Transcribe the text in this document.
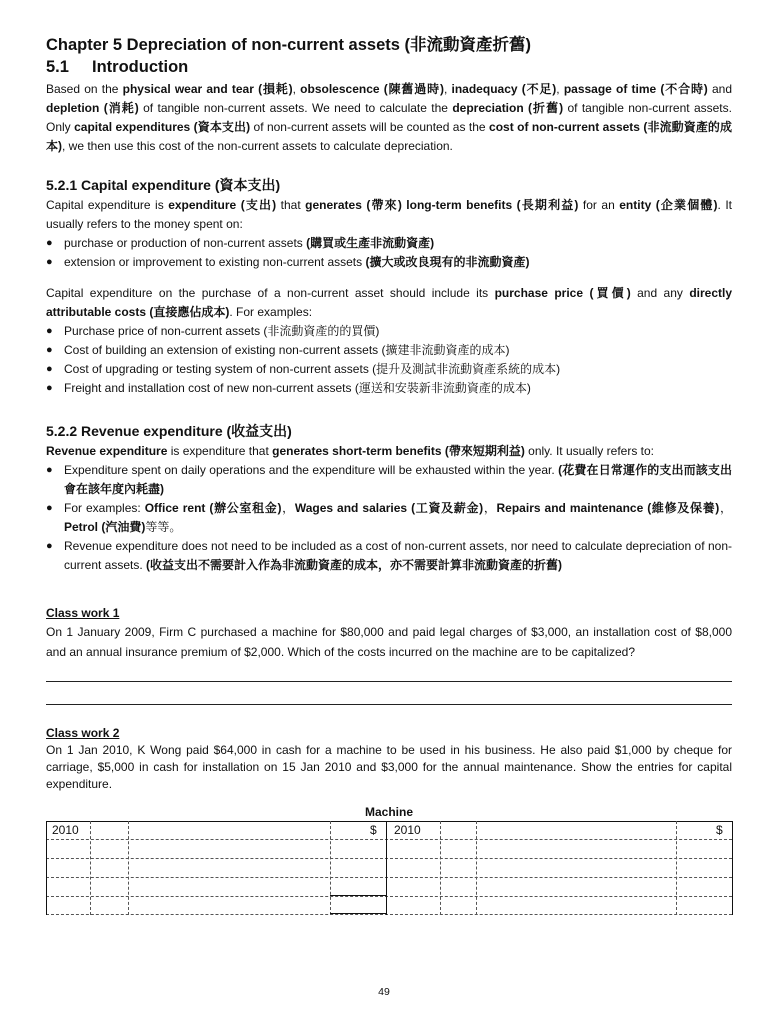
Chapter 5 Depreciation of non-current assets (非流動資產折舊)
5.1 Introduction

Based on the physical wear and tear (損耗), obsolescence (陳舊過時), inadequacy (不足), passage of time (不合時) and depletion (消耗) of tangible non-current assets. We need to calculate the depreciation (折舊) of tangible non-current assets. Only capital expenditures (資本支出) of non-current assets will be counted as the cost of non-current assets (非流動資產的成本), we then use this cost of the non-current assets to calculate depreciation.

5.2.1 Capital expenditure (資本支出)

Capital expenditure is expenditure (支出) that generates (帶來) long-term benefits (長期利益) for an entity (企業個體). It usually refers to the money spent on:

● purchase or production of non-current assets (購買或生產非流動資產)
● extension or improvement to existing non-current assets (擴大或改良現有的非流動資產)

Capital expenditure on the purchase of a non-current asset should include its purchase price (買價) and any directly attributable costs (直接應佔成本). For examples:

● Purchase price of non-current assets (非流動資產的的買價)
● Cost of building an extension of existing non-current assets (擴建非流動資產的成本)
● Cost of upgrading or testing system of non-current assets (提升及測試非流動資產系統的成本)
● Freight and installation cost of new non-current assets (運送和安裝新非流動資產的成本)
5.2.2 Revenue expenditure (收益支出)

Revenue expenditure is expenditure that generates short-term benefits (帶來短期利益) only. It usually refers to:

● Expenditure spent on daily operations and the expenditure will be exhausted within the year. (花費在日常運作的支出而該支出會在該年度內耗盡)
● For examples: Office rent (辦公室租金)，Wages and salaries (工資及薪金)，Repairs and maintenance (維修及保養)，Petrol (汽油費)等等。
● Revenue expenditure does not need to be included as a cost of non-current assets, nor need to calculate depreciation of non-current assets. (收益支出不需要計入作為非流動資產的成本，亦不需要計算非流動資產的折舊)

Class work 1

On 1 January 2009, Firm C purchased a machine for $80,000 and paid legal charges of $3,000, an installation cost of $8,000 and an annual insurance premium of $2,000. Which of the costs incurred on the machine are to be capitalized?

Class work 2

On 1 Jan 2010, K Wong paid $64,000 in cash for a machine to be used in his business. He also paid $1,000 by cheque for carriage, $5,000 in cash for installation on 15 Jan 2010 and $3,000 for the annual maintenance. Show the entries for capital expenditure.

Machine
2010	$ 2010	$
49
